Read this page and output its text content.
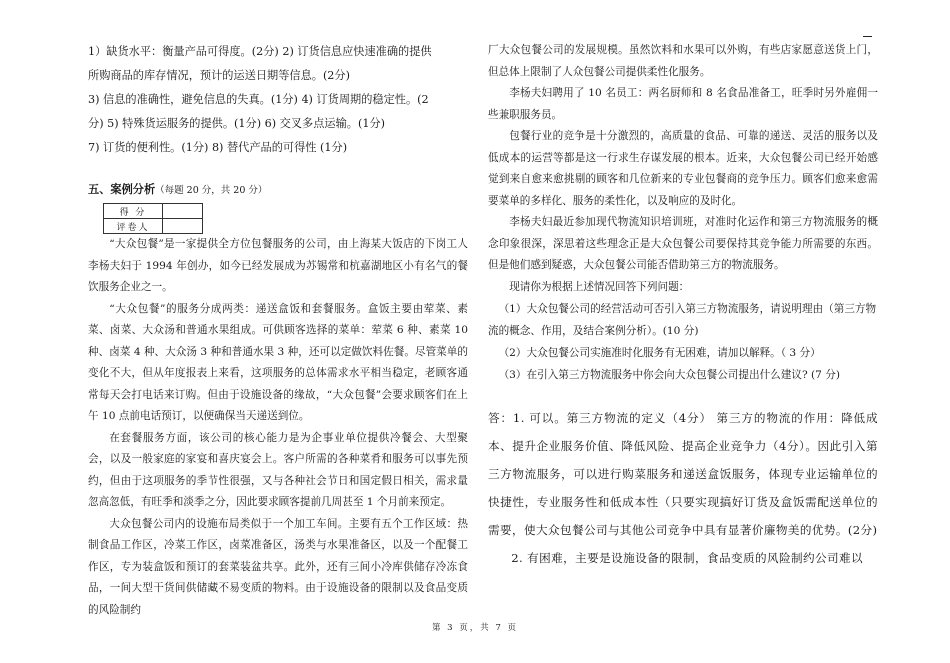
1）缺货水平：衡量产品可得度。(2分) 2) 订货信息应快速准确的提供
所购商品的库存情况，预计的运送日期等信息。(2分)
3) 信息的准确性，避免信息的失真。(1分) 4) 订货周期的稳定性。(2
分) 5) 特殊货运服务的提供。(1分) 6) 交叉多点运输。(1分)
7) 订货的便利性。(1分) 8) 替代产品的可得性 (1分)
五、案例分析（每题 20 分，共 20 分）
得 分	
评卷人	

“大众包餐”是一家提供全方位包餐服务的公司，由上海某大饭店的下岗工人李杨夫妇于 1994 年创办，如今已经发展成为苏锡常和杭嘉湖地区小有名气的餐饮服务企业之一。

“大众包餐”的服务分成两类：递送盒饭和套餐服务。盒饭主要由荤菜、素菜、卤菜、大众汤和普通水果组成。可供顾客选择的菜单：荤菜 6 种、素菜 10 种、卤菜 4 种、大众汤 3 种和普通水果 3 种，还可以定做饮料佐餐。尽管菜单的变化不大，但从年度报表上来看，这项服务的总体需求水平相当稳定，老顾客通常每天会打电话来订购。但由于设施设备的缘故，“大众包餐”会要求顾客们在上午 10 点前电话预订，以便确保当天递送到位。

在套餐服务方面，该公司的核心能力是为企事业单位提供冷餐会、大型聚会，以及一般家庭的家宴和喜庆宴会上。客户所需的各种菜肴和服务可以事先预约，但由于这项服务的季节性很强，又与各种社会节日和国定假日相关，需求量忽高忽低，有旺季和淡季之分，因此要求顾客提前几周甚至 1 个月前来预定。

大众包餐公司内的设施布局类似于一个加工车间。主要有五个工作区域：热制食品工作区，冷菜工作区，卤菜准备区，汤类与水果准备区，以及一个配餐工作区，专为装盒饭和预订的套菜装盆共享。此外，还有三间小冷库供储存冷冻食品，一间大型干货间供储藏不易变质的物料。由于设施设备的限制以及食品变质的风险制约

厂大众包餐公司的发展规模。虽然饮料和水果可以外购，有些店家愿意送货上门，但总体上限制了人众包餐公司提供柔性化服务。

李杨夫妇聘用了 10 名员工：两名厨师和 8 名食品准备工，旺季时另外雇佣一些兼职服务员。

包餐行业的竞争是十分激烈的，高质量的食品、可靠的递送、灵活的服务以及低成本的运营等都是这一行求生存谋发展的根本。近来，大众包餐公司已经开始感觉到来自愈来愈挑剔的顾客和几位新来的专业包餐商的竞争压力。顾客们愈来愈需要菜单的多样化、服务的柔性化，以及响应的及时化。

李杨夫妇最近参加现代物流知识培训班，对准时化运作和第三方物流服务的概念印象很深，深思着这些理念正是大众包餐公司要保持其竞争能力所需要的东西。但是他们感到疑惑，大众包餐公司能否借助第三方的物流服务。

现请你为根据上述情况回答下列问题：

（1）大众包餐公司的经营活动可否引入第三方物流服务，请说明理由（第三方物流的概念、作用，及结合案例分析）。(10 分)

（2）大众包餐公司实施准时化服务有无困难，请加以解释。（ 3 分）

（3）在引入第三方物流服务中你会向大众包餐公司提出什么建议? (7 分)

答：1. 可以。第三方物流的定义（4分） 第三方的物流的作用：降低成本、提升企业服务价值、降低风险、提高企业竞争力（4分）。因此引入第三方物流服务，可以进行购菜服务和递送盒饭服务，体现专业运输单位的快捷性，专业服务性和低成本性（只要实现搞好订货及盒饭需配送单位的需要，使大众包餐公司与其他公司竞争中具有显著价廉物美的优势。(2分)

2. 有困难，主要是设施设备的限制，食品变质的风险制约公司难以

第 3 页，共 7 页
